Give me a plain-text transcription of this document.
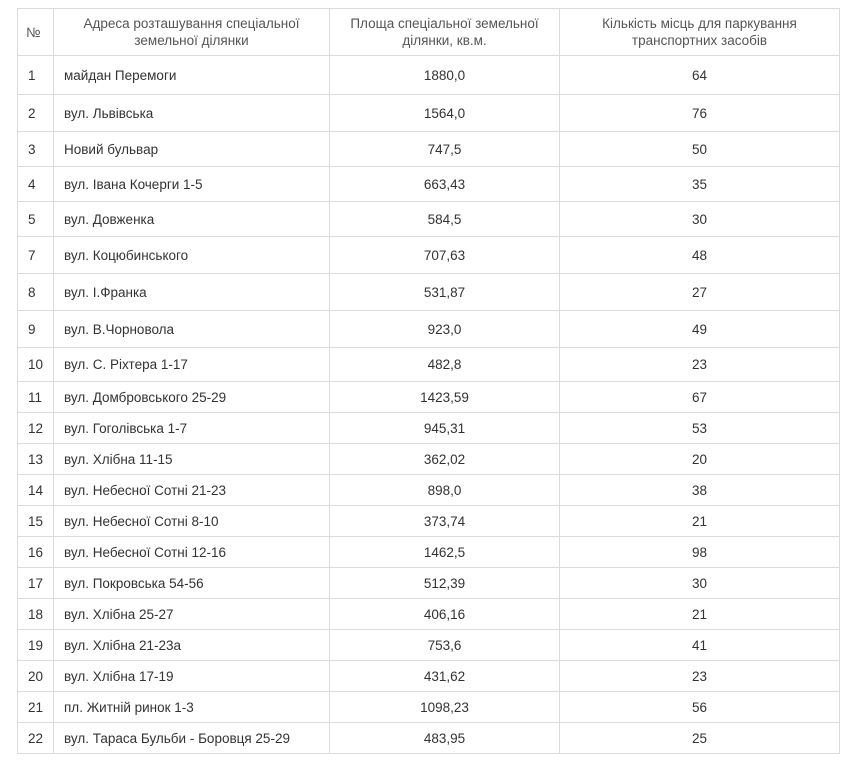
№	Адреса розташування спеціальної земельної ділянки	Площа спеціальної земельної ділянки, кв.м.	Кількість місць для паркування транспортних засобів
1	майдан Перемоги	1880,0	64
2	вул. Львівська	1564,0	76
3	Новий бульвар	747,5	50
4	вул. Івана Кочерги 1-5	663,43	35
5	вул. Довженка	584,5	30
7	вул. Коцюбинського	707,63	48
8	вул. І.Франка	531,87	27
9	вул. В.Чорновола	923,0	49
10	вул. С. Ріхтера 1-17	482,8	23
11	вул. Домбровського 25-29	1423,59	67
12	вул. Гоголівська 1-7	945,31	53
13	вул. Хлібна 11-15	362,02	20
14	вул. Небесної Сотні 21-23	898,0	38
15	вул. Небесної Сотні 8-10	373,74	21
16	вул. Небесної Сотні 12-16	1462,5	98
17	вул. Покровська 54-56	512,39	30
18	вул. Хлібна 25-27	406,16	21
19	вул. Хлібна 21-23а	753,6	41
20	вул. Хлібна 17-19	431,62	23
21	пл. Житній ринок 1-3	1098,23	56
22	вул. Тараса Бульби - Боровця 25-29	483,95	25
